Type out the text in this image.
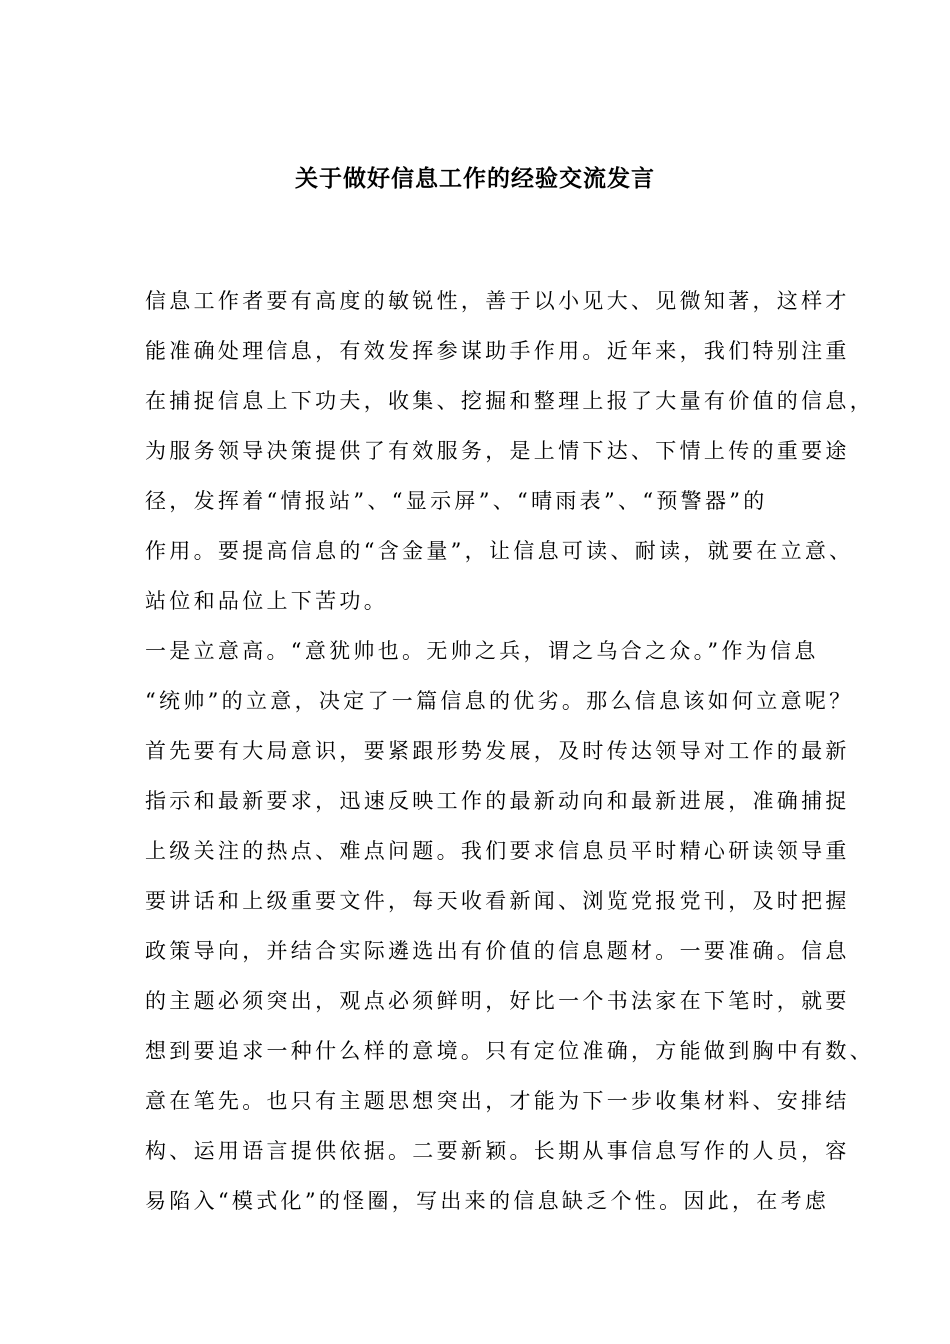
关于做好信息工作的经验交流发言
信息工作者要有高度的敏锐性，善于以小见大、见微知著，这样才
能准确处理信息，有效发挥参谋助手作用。近年来，我们特别注重
在捕捉信息上下功夫，收集、挖掘和整理上报了大量有价值的信息，
为服务领导决策提供了有效服务，是上情下达、下情上传的重要途
径，发挥着“情报站”、“显示屏”、“晴雨表”、“预警器”的
作用。要提高信息的“含金量”，让信息可读、耐读，就要在立意、
站位和品位上下苦功。
一是立意高。“意犹帅也。无帅之兵，谓之乌合之众。”作为信息
“统帅”的立意，决定了一篇信息的优劣。那么信息该如何立意呢？
首先要有大局意识，要紧跟形势发展，及时传达领导对工作的最新
指示和最新要求，迅速反映工作的最新动向和最新进展，准确捕捉
上级关注的热点、难点问题。我们要求信息员平时精心研读领导重
要讲话和上级重要文件，每天收看新闻、浏览党报党刊，及时把握
政策导向，并结合实际遴选出有价值的信息题材。一要准确。信息
的主题必须突出，观点必须鲜明，好比一个书法家在下笔时，就要
想到要追求一种什么样的意境。只有定位准确，方能做到胸中有数、
意在笔先。也只有主题思想突出，才能为下一步收集材料、安排结
构、运用语言提供依据。二要新颖。长期从事信息写作的人员，容
易陷入“模式化”的怪圈，写出来的信息缺乏个性。因此，在考虑
